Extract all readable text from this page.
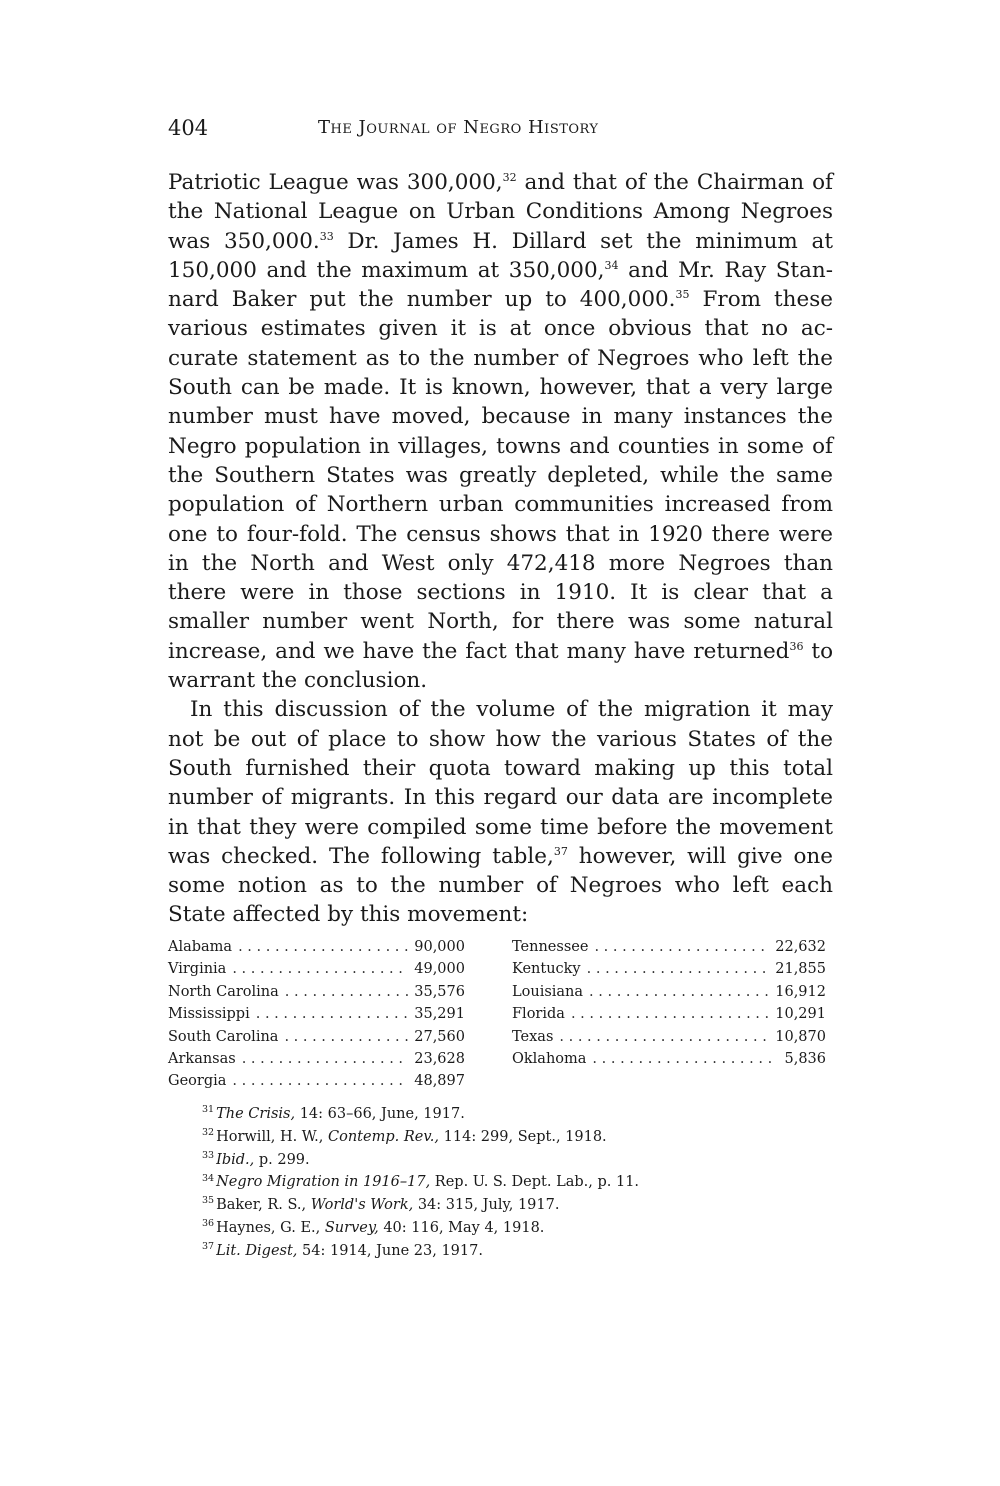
404	The Journal of Negro History

Patriotic League was 300,000,32 and that of the Chairman of the National League on Urban Conditions Among Negroes was 350,000.33 Dr. James H. Dillard set the minimum at 150,000 and the maximum at 350,000,34 and Mr. Ray Stannard Baker put the number up to 400,000.35 From these various estimates given it is at once obvious that no accurate statement as to the number of Negroes who left the South can be made. It is known, however, that a very large number must have moved, because in many instances the Negro population in villages, towns and counties in some of the Southern States was greatly depleted, while the same population of Northern urban communities increased from one to four-fold. The census shows that in 1920 there were in the North and West only 472,418 more Negroes than there were in those sections in 1910. It is clear that a smaller number went North, for there was some natural increase, and we have the fact that many have returned$^{36}$ to warrant the conclusion.

In this discussion of the volume of the migration it may not be out of place to show how the various States of the South furnished their quota toward making up this total number of migrants. In this regard our data are incomplete in that they were compiled some time before the movement was checked. The following table,$^{37}$ however, will give one some notion as to the number of Negroes who left each State affected by this movement:

Alabama . . .	90,000
Virginia . . .	49,000
North Carolina . . .	35,576
Mississippi . . .	35,291
South Carolina . . .	27,560
Arkansas . . .	23,628
Georgia . . .	48,897
Tennessee . . .	22,632
Kentucky . . .	21,855
Louisiana . . .	16,912
Florida . . .	10,291
Texas . . .	10,870
Oklahoma . . .	5,836
$^{31}$ The Crisis, 14: 63–66, June, 1917.
$^{32}$ Horwill, H. W., Contemp. Rev., 114: 299, Sept., 1918.
$^{33}$ Ibid., p. 299.
$^{34}$ Negro Migration in 1916–17, Rep. U. S. Dept. Lab., p. 11.
$^{35}$ Baker, R. S., World's Work, 34: 315, July, 1917.
$^{36}$ Haynes, G. E., Survey, 40: 116, May 4, 1918.
$^{37}$ Lit. Digest, 54: 1914, June 23, 1917.
